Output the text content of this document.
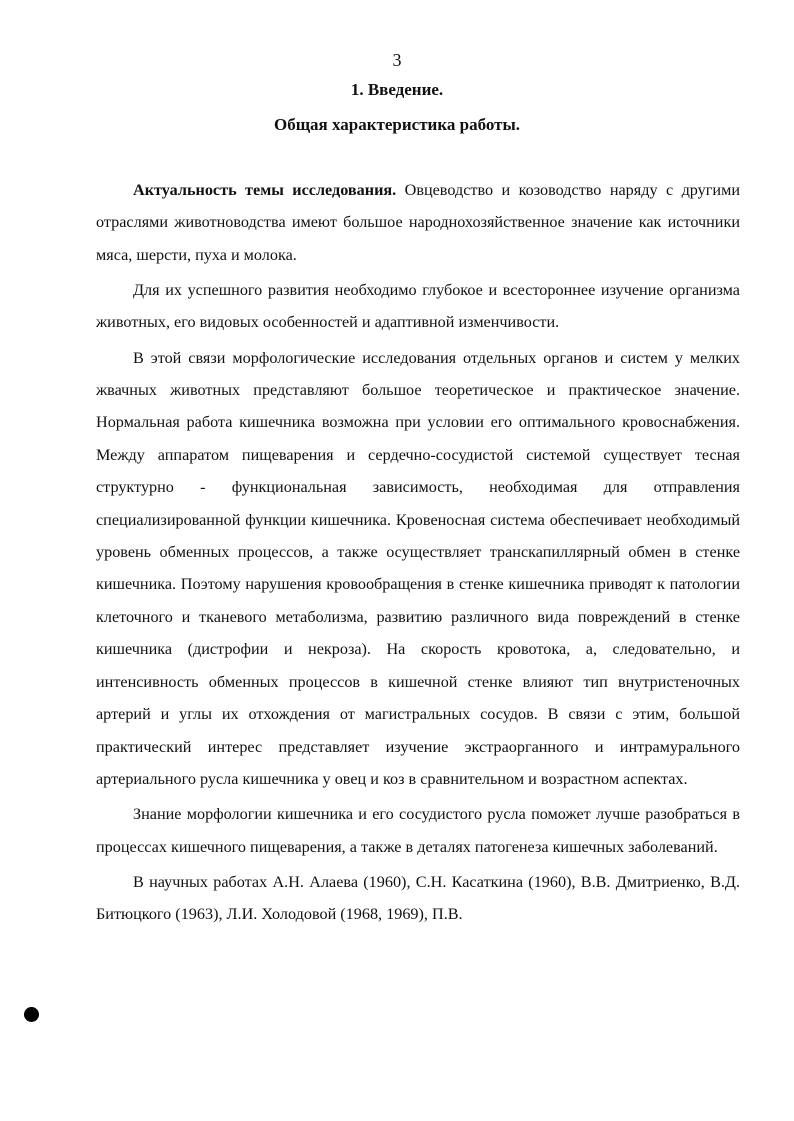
3
1. Введение.
Общая характеристика работы.

Актуальность темы исследования. Овцеводство и козоводство наряду с другими отраслями животноводства имеют большое народнохозяйственное значение как источники мяса, шерсти, пуха и молока.

Для их успешного развития необходимо глубокое и всестороннее изучение организма животных, его видовых особенностей и адаптивной изменчивости.

В этой связи морфологические исследования отдельных органов и систем у мелких жвачных животных представляют большое теоретическое и практическое значение. Нормальная работа кишечника возможна при условии его оптимального кровоснабжения. Между аппаратом пищеварения и сердечно-сосудистой системой существует тесная структурно - функциональная зависимость, необходимая для отправления специализированной функции кишечника. Кровеносная система обеспечивает необходимый уровень обменных процессов, а также осуществляет транскапиллярный обмен в стенке кишечника. Поэтому нарушения кровообращения в стенке кишечника приводят к патологии клеточного и тканевого метаболизма, развитию различного вида повреждений в стенке кишечника (дистрофии и некроза). На скорость кровотока, а, следовательно, и интенсивность обменных процессов в кишечной стенке влияют тип внутристеночных артерий и углы их отхождения от магистральных сосудов. В связи с этим, большой практический интерес представляет изучение экстраорганного и интрамурального артериального русла кишечника у овец и коз в сравнительном и возрастном аспектах.

Знание морфологии кишечника и его сосудистого русла поможет лучше разобраться в процессах кишечного пищеварения, а также в деталях патогенеза кишечных заболеваний.

В научных работах А.Н. Алаева (1960), С.Н. Касаткина (1960), В.В. Дмитриенко, В.Д. Битюцкого (1963), Л.И. Холодовой (1968, 1969), П.В.
